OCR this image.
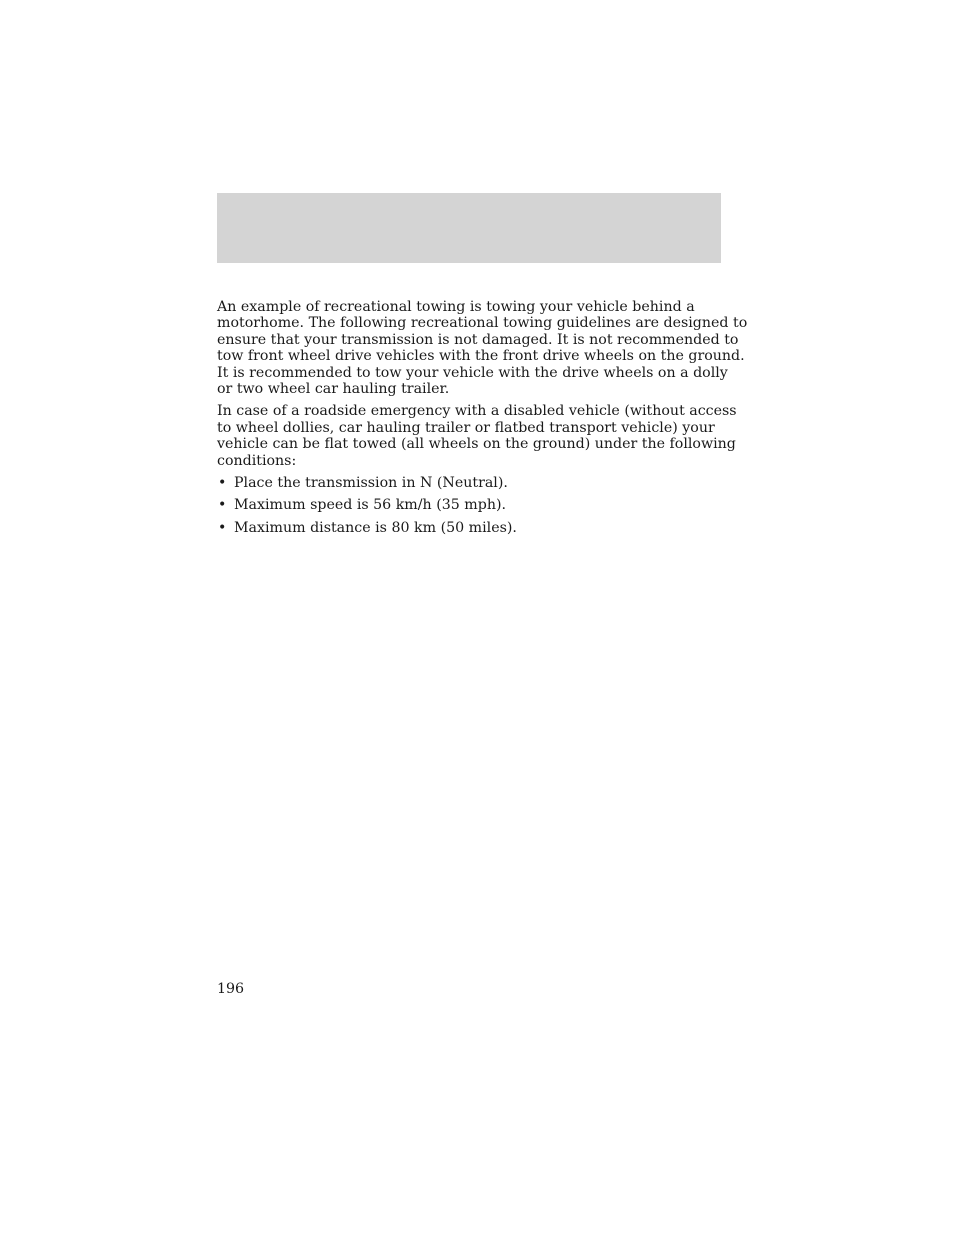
An example of recreational towing is towing your vehicle behind a
motorhome. The following recreational towing guidelines are designed to
ensure that your transmission is not damaged. It is not recommended to
tow front wheel drive vehicles with the front drive wheels on the ground.
It is recommended to tow your vehicle with the drive wheels on a dolly
or two wheel car hauling trailer.

In case of a roadside emergency with a disabled vehicle (without access
to wheel dollies, car hauling trailer or flatbed transport vehicle) your
vehicle can be flat towed (all wheels on the ground) under the following
conditions:

• Place the transmission in N (Neutral).
• Maximum speed is 56 km/h (35 mph).
• Maximum distance is 80 km (50 miles).
196
